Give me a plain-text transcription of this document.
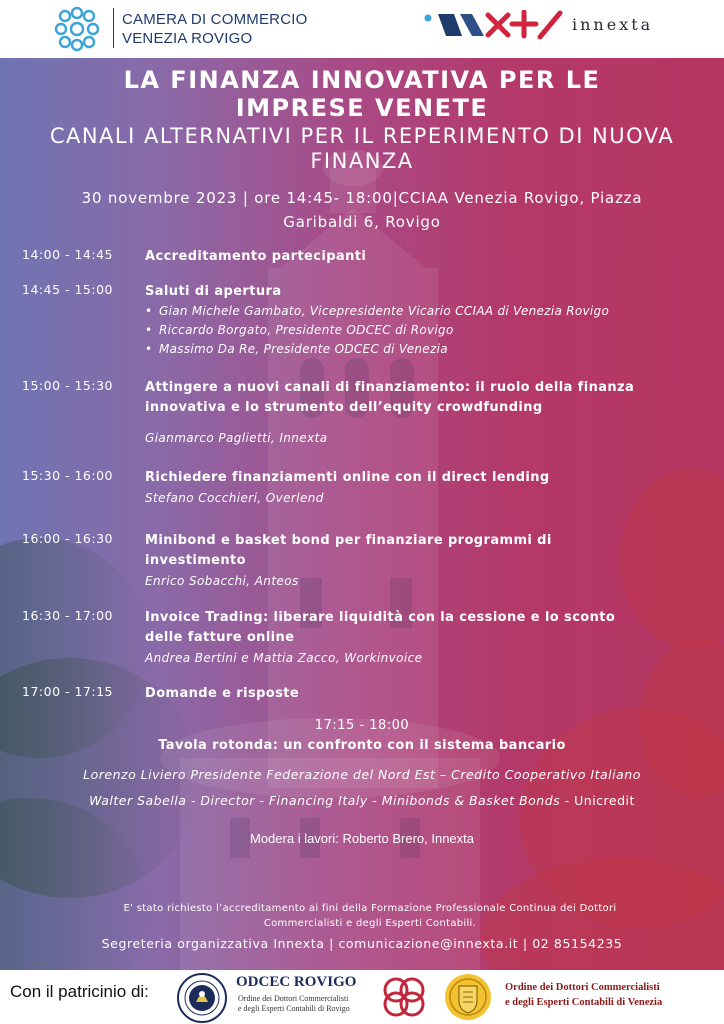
CAMERA DI COMMERCIO
VENEZIA ROVIGO
innexta
LA FINANZA INNOVATIVA PER LE
IMPRESE VENETE
CANALI ALTERNATIVI PER IL REPERIMENTO DI NUOVA
FINANZA
30 novembre 2023 | ore 14:45- 18:00|CCIAA Venezia Rovigo, Piazza
Garibaldi 6, Rovigo
14:00 - 14:45	Accreditamento partecipanti
14:45 - 15:00	Saluti di apertura
• Gian Michele Gambato, Vicepresidente Vicario CCIAA di Venezia Rovigo
• Riccardo Borgato, Presidente ODCEC di Rovigo
• Massimo Da Re, Presidente ODCEC di Venezia
15:00 - 15:30	Attingere a nuovi canali di finanziamento: il ruolo della finanza
innovativa e lo strumento dell’equity crowdfunding
Gianmarco Paglietti, Innexta
15:30 - 16:00	Richiedere finanziamenti online con il direct lending
Stefano Cocchieri, Overlend
16:00 - 16:30	Minibond e basket bond per finanziare programmi di
investimento
Enrico Sobacchi, Anteos
16:30 - 17:00	Invoice Trading: liberare liquidità con la cessione e lo sconto
delle fatture online
Andrea Bertini e Mattia Zacco, Workinvoice
17:00 - 17:15	Domande e risposte
17:15 - 18:00
Tavola rotonda: un confronto con il sistema bancario
Lorenzo Liviero Presidente Federazione del Nord Est – Credito Cooperativo Italiano
Walter Sabella - Director - Financing Italy - Minibonds & Basket Bonds - Unicredit
Modera i lavori: Roberto Brero, Innexta
E' stato richiesto l’accreditamento ai fini della Formazione Professionale Continua dei Dottori
Commercialisti e degli Esperti Contabili.
Segreteria organizzativa Innexta | comunicazione@innexta.it | 02 85154235
Con il patricinio di:	ODCEC ROVIGO
Ordine dei Dottori Commercialisti
e degli Esperti Contabili di Rovigo
Ordine dei Dottori Commercialisti
e degli Esperti Contabili di Venezia
